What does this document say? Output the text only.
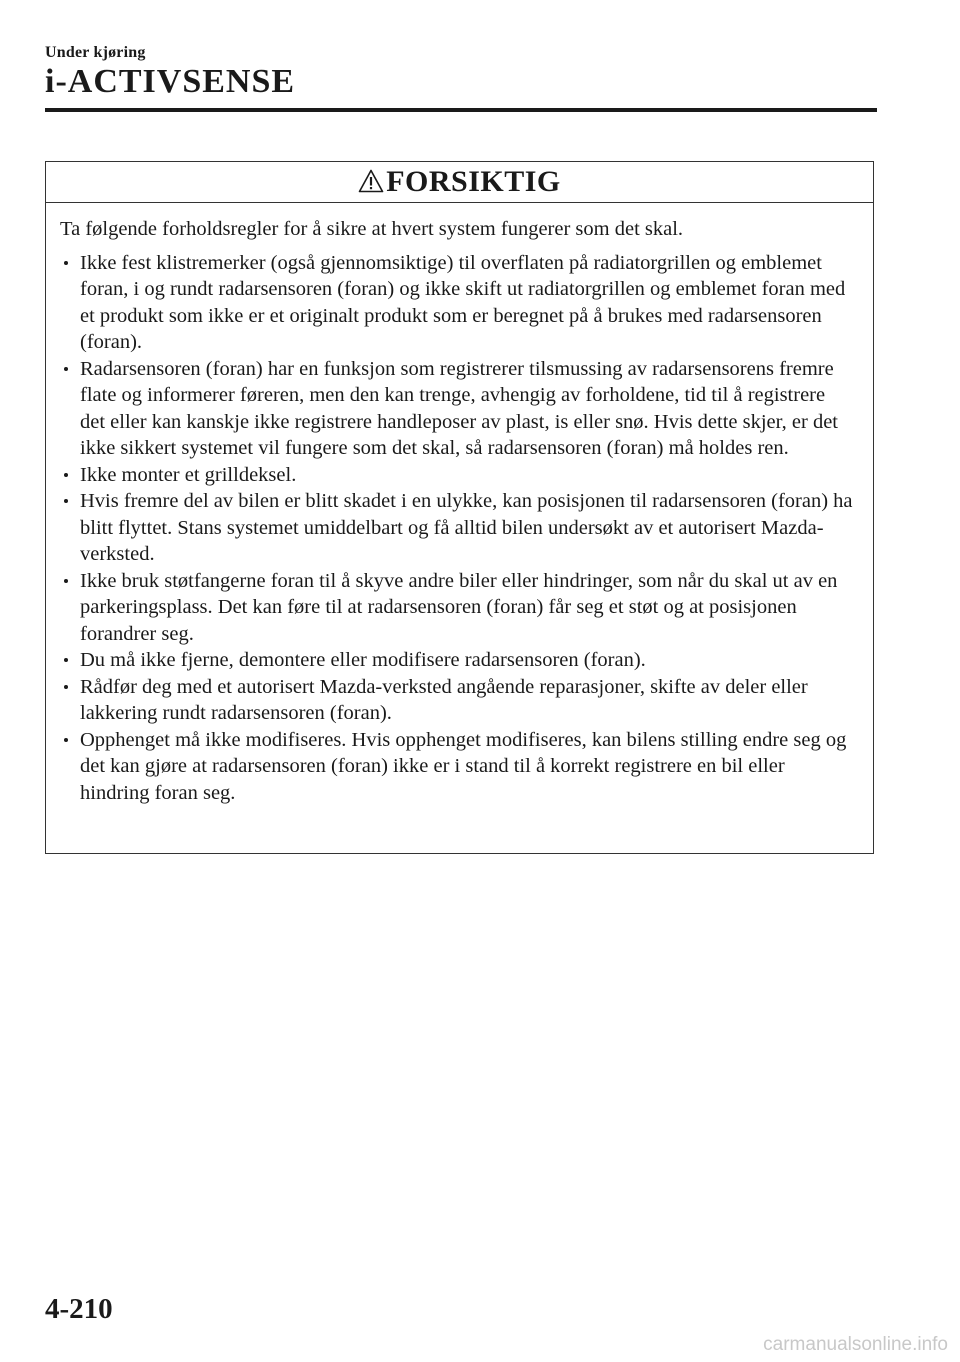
Under kjøring
i-ACTIVSENSE
FORSIKTIG
Ta følgende forholdsregler for å sikre at hvert system fungerer som det skal.
Ikke fest klistremerker (også gjennomsiktige) til overflaten på radiatorgrillen og emblemet foran, i og rundt radarsensoren (foran) og ikke skift ut radiatorgrillen og emblemet foran med et produkt som ikke er et originalt produkt som er beregnet på å brukes med radarsensoren (foran).
Radarsensoren (foran) har en funksjon som registrerer tilsmussing av radarsensorens fremre flate og informerer føreren, men den kan trenge, avhengig av forholdene, tid til å registrere det eller kan kanskje ikke registrere handleposer av plast, is eller snø. Hvis dette skjer, er det ikke sikkert systemet vil fungere som det skal, så radarsensoren (foran) må holdes ren.
Ikke monter et grilldeksel.
Hvis fremre del av bilen er blitt skadet i en ulykke, kan posisjonen til radarsensoren (foran) ha blitt flyttet. Stans systemet umiddelbart og få alltid bilen undersøkt av et autorisert Mazda-verksted.
Ikke bruk støtfangerne foran til å skyve andre biler eller hindringer, som når du skal ut av en parkeringsplass. Det kan føre til at radarsensoren (foran) får seg et støt og at posisjonen forandrer seg.
Du må ikke fjerne, demontere eller modifisere radarsensoren (foran).
Rådfør deg med et autorisert Mazda-verksted angående reparasjoner, skifte av deler eller lakkering rundt radarsensoren (foran).
Opphenget må ikke modifiseres. Hvis opphenget modifiseres, kan bilens stilling endre seg og det kan gjøre at radarsensoren (foran) ikke er i stand til å korrekt registrere en bil eller hindring foran seg.
4-210
carmanualsonline.info
